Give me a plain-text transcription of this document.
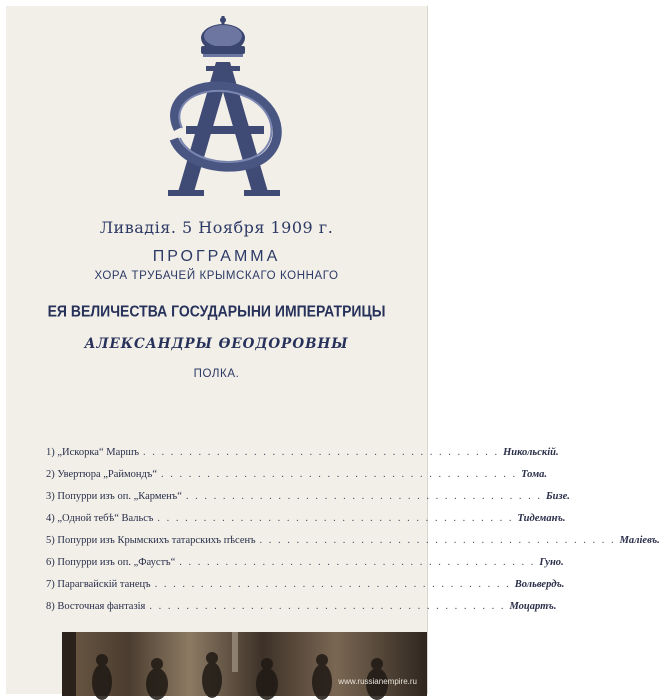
Ливадія. 5 Ноября 1909 г.
ПРОГРАММА
ХОРА ТРУБАЧЕЙ КРЫМСКАГО КОННАГО
ЕЯ ВЕЛИЧЕСТВА ГОСУДАРЫНИ ИМПЕРАТРИЦЫ
АЛЕКСАНДРЫ ѲЕОДОРОВНЫ
ПОЛКА.
1) „Искорка“ Маршъ . . . . . . . . . . . . . . . . . . . . . . . . . . . . . . . . . . . . . . . Никольскій.
2) Увертюра „Раймондъ“ . . . . . . . . . . . . . . . . . . . . . . . . . . . . . . . . . . . . . . . Тома.
3) Попурри изъ оп. „Карменъ“ . . . . . . . . . . . . . . . . . . . . . . . . . . . . . . . . . . . . . . . Бизе.
4) „Одной тебѣ“ Вальсъ . . . . . . . . . . . . . . . . . . . . . . . . . . . . . . . . . . . . . . . Тидеманъ.
5) Попурри изъ Крымскихъ татарскихъ пѣсенъ . . . . . . . . . . . . . . . . . . . . . . . . . . . . . . . . . . . . . . . Маліевъ.
6) Попурри изъ оп. „Фаустъ“ . . . . . . . . . . . . . . . . . . . . . . . . . . . . . . . . . . . . . . . Гуно.
7) Парагвайскій танецъ . . . . . . . . . . . . . . . . . . . . . . . . . . . . . . . . . . . . . . . Вольвердъ.
8) Восточная фантазія . . . . . . . . . . . . . . . . . . . . . . . . . . . . . . . . . . . . . . . Моцартъ.
www.russianempire.ru
